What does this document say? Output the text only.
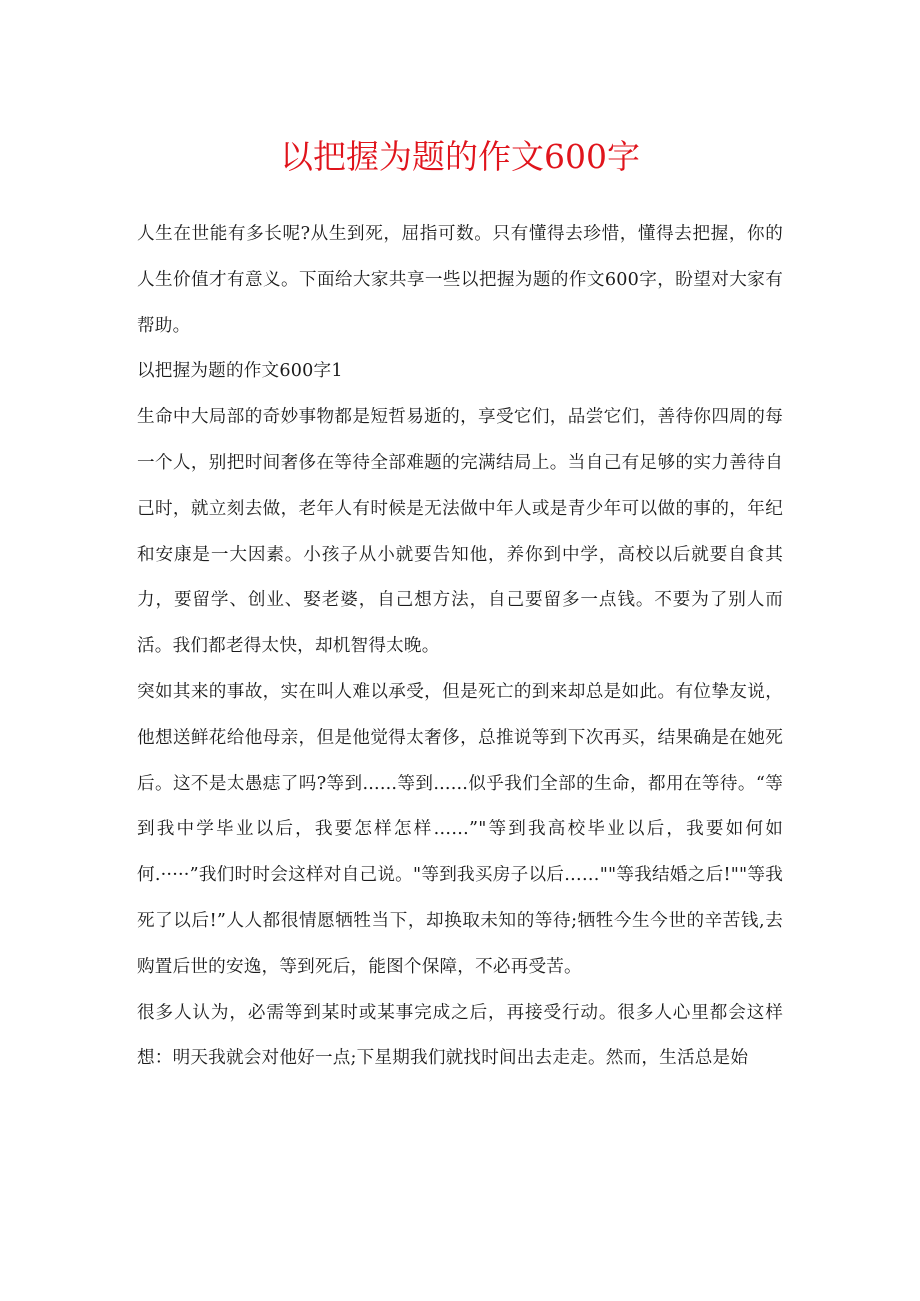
以把握为题的作文600字

人生在世能有多长呢?从生到死，屈指可数。只有懂得去珍惜，懂得去把握，你的人生价值才有意义。下面给大家共享一些以把握为题的作文600字，盼望对大家有帮助。

以把握为题的作文600字1

生命中大局部的奇妙事物都是短哲易逝的，享受它们，品尝它们，善待你四周的每一个人，别把时间奢侈在等待全部难题的完满结局上。当自己有足够的实力善待自己时，就立刻去做，老年人有时候是无法做中年人或是青少年可以做的事的，年纪和安康是一大因素。小孩子从小就要告知他，养你到中学，高校以后就要自食其力，要留学、创业、娶老婆，自己想方法，自己要留多一点钱。不要为了别人而活。我们都老得太快，却机智得太晚。

突如其来的事故，实在叫人难以承受，但是死亡的到来却总是如此。有位挚友说，他想送鲜花给他母亲，但是他觉得太奢侈，总推说等到下次再买，结果确是在她死后。这不是太愚痣了吗?等到......等到......似乎我们全部的生命，都用在等待。“等到我中学毕业以后，我要怎样怎样……”"等到我高校毕业以后，我要如何如何.·····”我们时时会这样对自己说。"等到我买房子以后……""等我结婚之后!""等我死了以后!”人人都很情愿牺牲当下，却换取未知的等待;牺牲今生今世的辛苦钱,去购置后世的安逸，等到死后，能图个保障，不必再受苦。

很多人认为，必需等到某时或某事完成之后，再接受行动。很多人心里都会这样想：明天我就会对他好一点;下星期我们就找时间出去走走。然而，生活总是始
